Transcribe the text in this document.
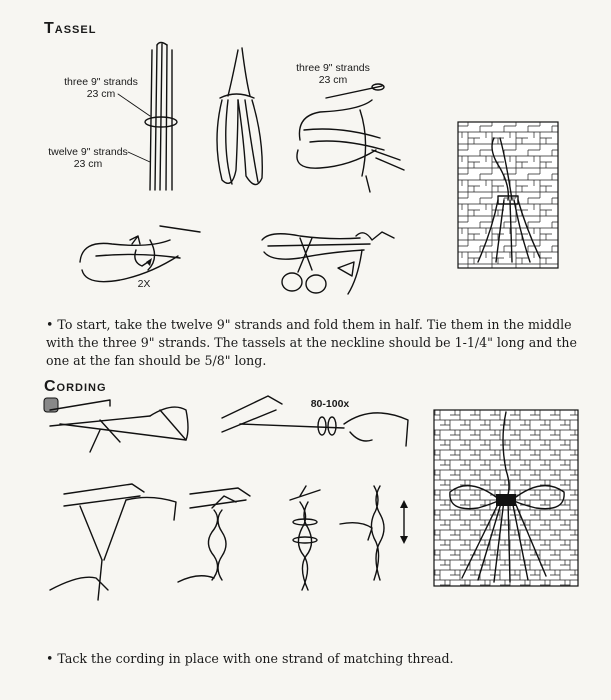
Tassel
three 9" strands
23 cm
twelve 9" strands
23 cm
three 9" strands
23 cm
2X
• To start, take the twelve 9" strands and fold them in half. Tie them in the middle with the three 9" strands. The tassels at the neckline should be 1-1/4" long and the one at the fan should be 5/8" long.
Cording
80-100x
• Tack the cording in place with one strand of matching thread.
